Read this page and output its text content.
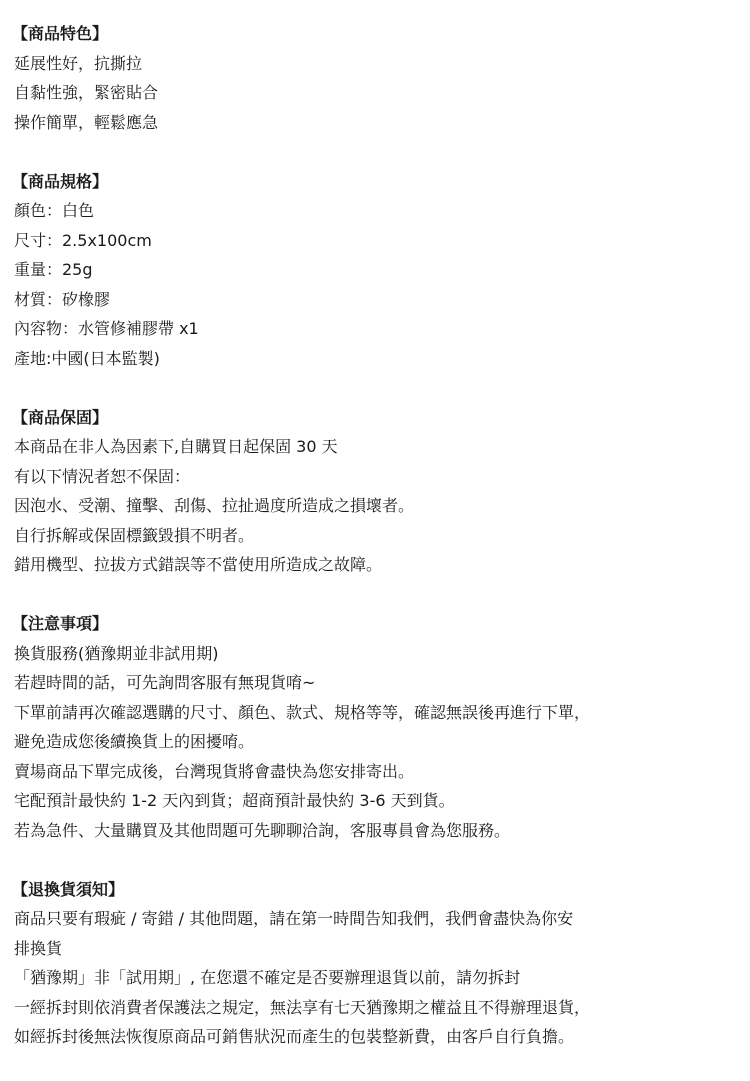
【商品特色】
延展性好，抗撕拉
自黏性強，緊密貼合
操作簡單，輕鬆應急
【商品規格】
顏色：白色
尺寸：2.5x100cm
重量：25g
材質：矽橡膠
內容物：水管修補膠帶 x1
產地:中國(日本監製)
【商品保固】
本商品在非人為因素下,自購買日起保固 30 天
有以下情況者恕不保固：
因泡水、受潮、撞擊、刮傷、拉扯過度所造成之損壞者。
自行拆解或保固標籤毀損不明者。
錯用機型、拉拔方式錯誤等不當使用所造成之故障。
【注意事項】
換貨服務(猶豫期並非試用期)
若趕時間的話，可先詢問客服有無現貨唷~
下單前請再次確認選購的尺寸、顏色、款式、規格等等，確認無誤後再進行下單，
避免造成您後續換貨上的困擾唷。
賣場商品下單完成後，台灣現貨將會盡快為您安排寄出。
宅配預計最快約 1-2 天內到貨；超商預計最快約 3-6 天到貨。
若為急件、大量購買及其他問題可先聊聊洽詢，客服專員會為您服務。
【退換貨須知】
商品只要有瑕疵 / 寄錯 / 其他問題，請在第一時間告知我們，我們會盡快為你安
排換貨
「猶豫期」非「試用期」, 在您還不確定是否要辦理退貨以前，請勿拆封
一經拆封則依消費者保護法之規定，無法享有七天猶豫期之權益且不得辦理退貨，
如經拆封後無法恢復原商品可銷售狀況而產生的包裝整新費，由客戶自行負擔。
